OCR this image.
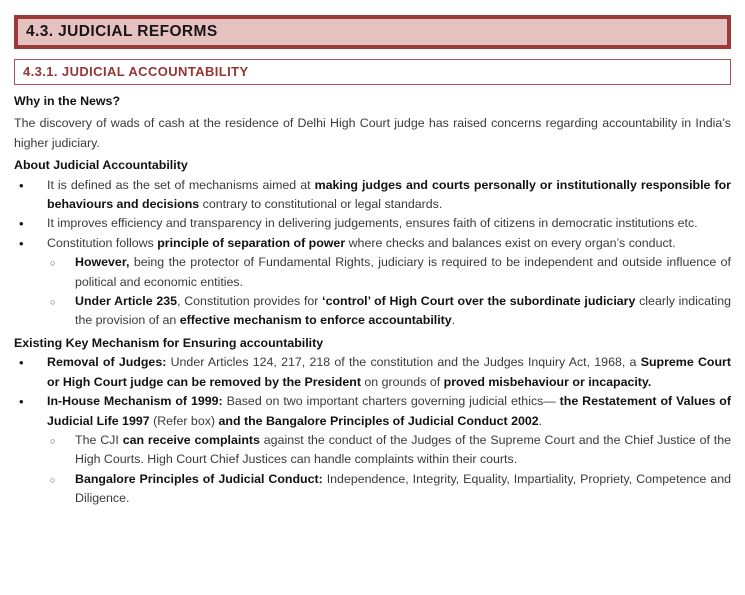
4.3. JUDICIAL REFORMS
4.3.1. JUDICIAL ACCOUNTABILITY
Why in the News?
The discovery of wads of cash at the residence of Delhi High Court judge has raised concerns regarding accountability in India’s higher judiciary.
About Judicial Accountability
• It is defined as the set of mechanisms aimed at making judges and courts personally or institutionally responsible for behaviours and decisions contrary to constitutional or legal standards.
• It improves efficiency and transparency in delivering judgements, ensures faith of citizens in democratic institutions etc.
• Constitution follows principle of separation of power where checks and balances exist on every organ’s conduct.
○ However, being the protector of Fundamental Rights, judiciary is required to be independent and outside influence of political and economic entities.
○ Under Article 235, Constitution provides for ‘control’ of High Court over the subordinate judiciary clearly indicating the provision of an effective mechanism to enforce accountability.
Existing Key Mechanism for Ensuring accountability
• Removal of Judges: Under Articles 124, 217, 218 of the constitution and the Judges Inquiry Act, 1968, a Supreme Court or High Court judge can be removed by the President on grounds of proved misbehaviour or incapacity.
• In-House Mechanism of 1999: Based on two important charters governing judicial ethics— the Restatement of Values of Judicial Life 1997 (Refer box) and the Bangalore Principles of Judicial Conduct 2002.
○ The CJI can receive complaints against the conduct of the Judges of the Supreme Court and the Chief Justice of the High Courts. High Court Chief Justices can handle complaints within their courts.
○ Bangalore Principles of Judicial Conduct: Independence, Integrity, Equality, Impartiality, Propriety, Competence and Diligence.
